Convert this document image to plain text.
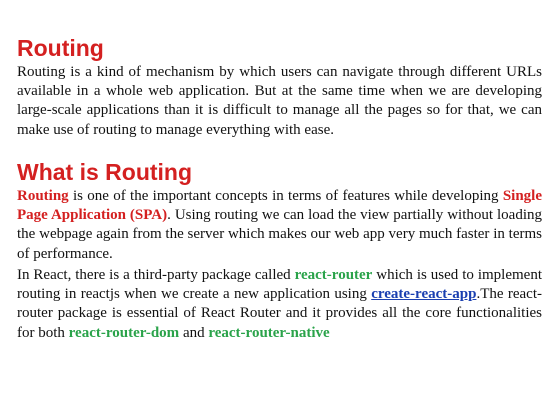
Routing

Routing is a kind of mechanism by which users can navigate through different URLs available in a whole web application. But at the same time when we are developing large-scale applications than it is difficult to manage all the pages so for that, we can make use of routing to manage everything with ease.

What is Routing

Routing is one of the important concepts in terms of features while developing Single Page Application (SPA). Using routing we can load the view partially without loading the webpage again from the server which makes our web app very much faster in terms of performance.

In React, there is a third-party package called react-router which is used to implement routing in reactjs when we create a new application using create-react-app.The react-router package is essential of React Router and it provides all the core functionalities for both react-router-dom and react-router-native
